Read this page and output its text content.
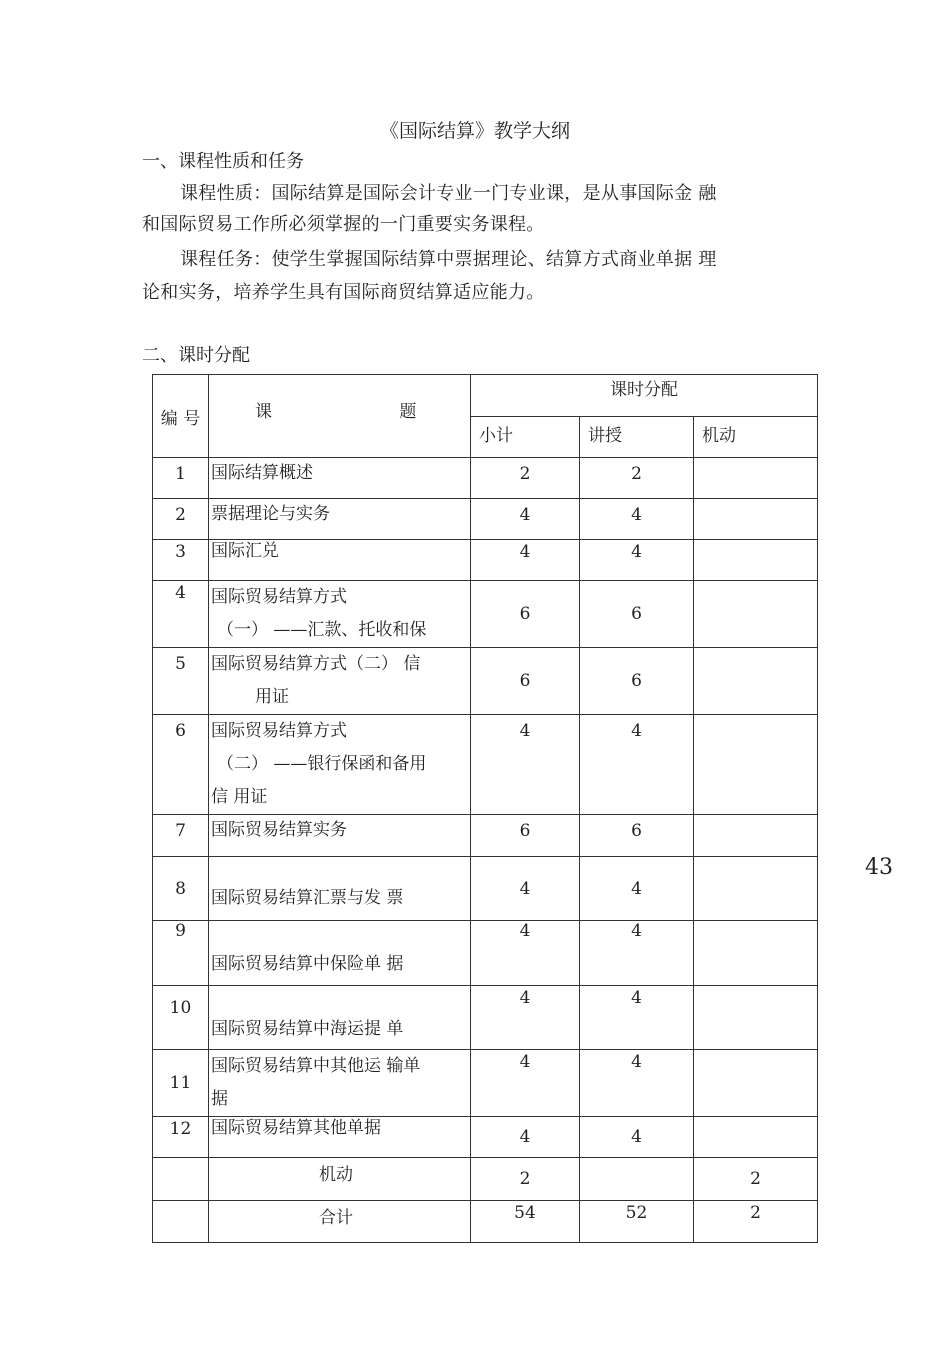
《国际结算》教学大纲
一、课程性质和任务
课程性质：国际结算是国际会计专业一门专业课，是从事国际金 融
和国际贸易工作所必须掌握的一门重要实务课程。
课程任务：使学生掌握国际结算中票据理论、结算方式商业单据 理
论和实务，培养学生具有国际商贸结算适应能力。
二、课时分配
43
编 号	课 题	课时分配		
		小计	讲授	机动
1	国际结算概述	2	2	
2	票据理论与实务	4	4	
3	国际汇兑	4	4	
4	国际贸易结算方式
（一） ——汇款、托收和保	6	6	
5	国际贸易结算方式（二） 信
用证	6	6	
6	国际贸易结算方式
（二） ——银行保函和备用
信 用证	4	4	
7	国际贸易结算实务	6	6	
8	国际贸易结算汇票与发 票	4	4	
9	国际贸易结算中保险单 据	4	4	
10	国际贸易结算中海运提 单	4	4	
11	国际贸易结算中其他运 输单
据	4	4	
12	国际贸易结算其他单据	4	4	
	机动	2		2
	合计	54	52	2
